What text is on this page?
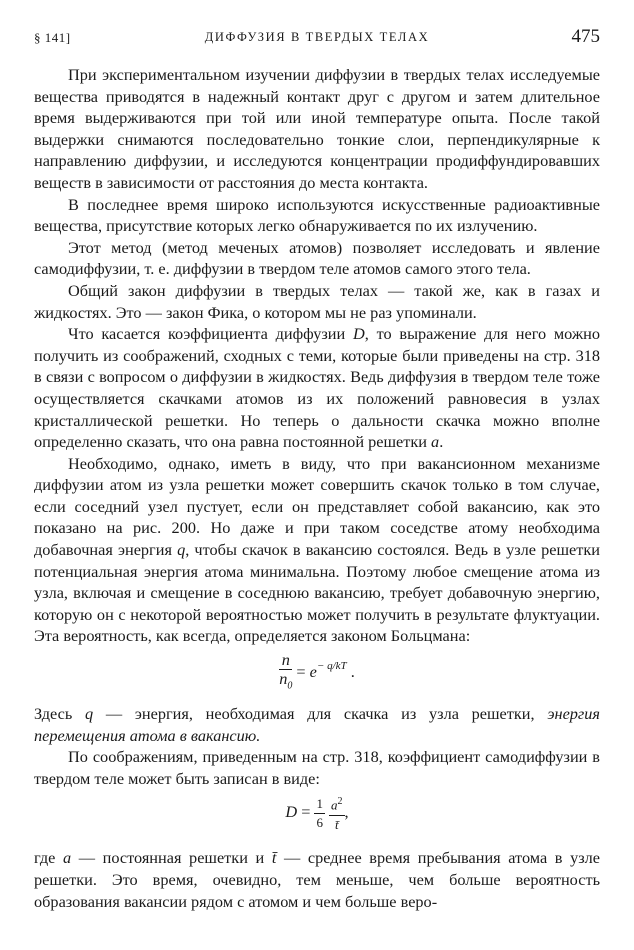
§ 141]	ДИФФУЗИЯ В ТВЕРДЫХ ТЕЛАХ	475

При экспериментальном изучении диффузии в твердых телах исследуемые вещества приводятся в надежный контакт друг с другом и затем длительное время выдерживаются при той или иной температуре опыта. После такой выдержки снимаются последовательно тонкие слои, перпендикулярные к направлению диффузии, и исследуются концентрации продиффундировавших веществ в зависимости от расстояния до места контакта.

В последнее время широко используются искусственные радиоактивные вещества, присутствие которых легко обнаруживается по их излучению.

Этот метод (метод меченых атомов) позволяет исследовать и явление самодиффузии, т. е. диффузии в твердом теле атомов самого этого тела.

Общий закон диффузии в твердых телах — такой же, как в газах и жидкостях. Это — закон Фика, о котором мы не раз упоминали.

Что касается коэффициента диффузии D, то выражение для него можно получить из соображений, сходных с теми, которые были приведены на стр. 318 в связи с вопросом о диффузии в жидкостях. Ведь диффузия в твердом теле тоже осуществляется скачками атомов из их положений равновесия в узлах кристаллической решетки. Но теперь о дальности скачка можно вполне определенно сказать, что она равна постоянной решетки a.

Необходимо, однако, иметь в виду, что при вакансионном механизме диффузии атом из узла решетки может совершить скачок только в том случае, если соседний узел пустует, если он представляет собой вакансию, как это показано на рис. 200. Но даже и при таком соседстве атому необходима добавочная энергия q, чтобы скачок в вакансию состоялся. Ведь в узле решетки потенциальная энергия атома минимальна. Поэтому любое смещение атома из узла, включая и смещение в соседнюю вакансию, требует добавочную энергию, которую он с некоторой вероятностью может получить в результате флуктуации. Эта вероятность, как всегда, определяется законом Больцмана:

$\frac{n}{n_0} = e^{- q/kT}$ .

Здесь q — энергия, необходимая для скачка из узла решетки, энергия перемещения атома в вакансию.

По соображениям, приведенным на стр. 318, коэффициент самодиффузии в твердом теле может быть записан в виде:

$D = \frac{1}{6}$
$\frac{a^2}{t̄}$ ,

где a — постоянная решетки и t̄ — среднее время пребывания атома в узле решетки. Это время, очевидно, тем меньше, чем больше вероятность образования вакансии рядом с атомом и чем больше веро-
